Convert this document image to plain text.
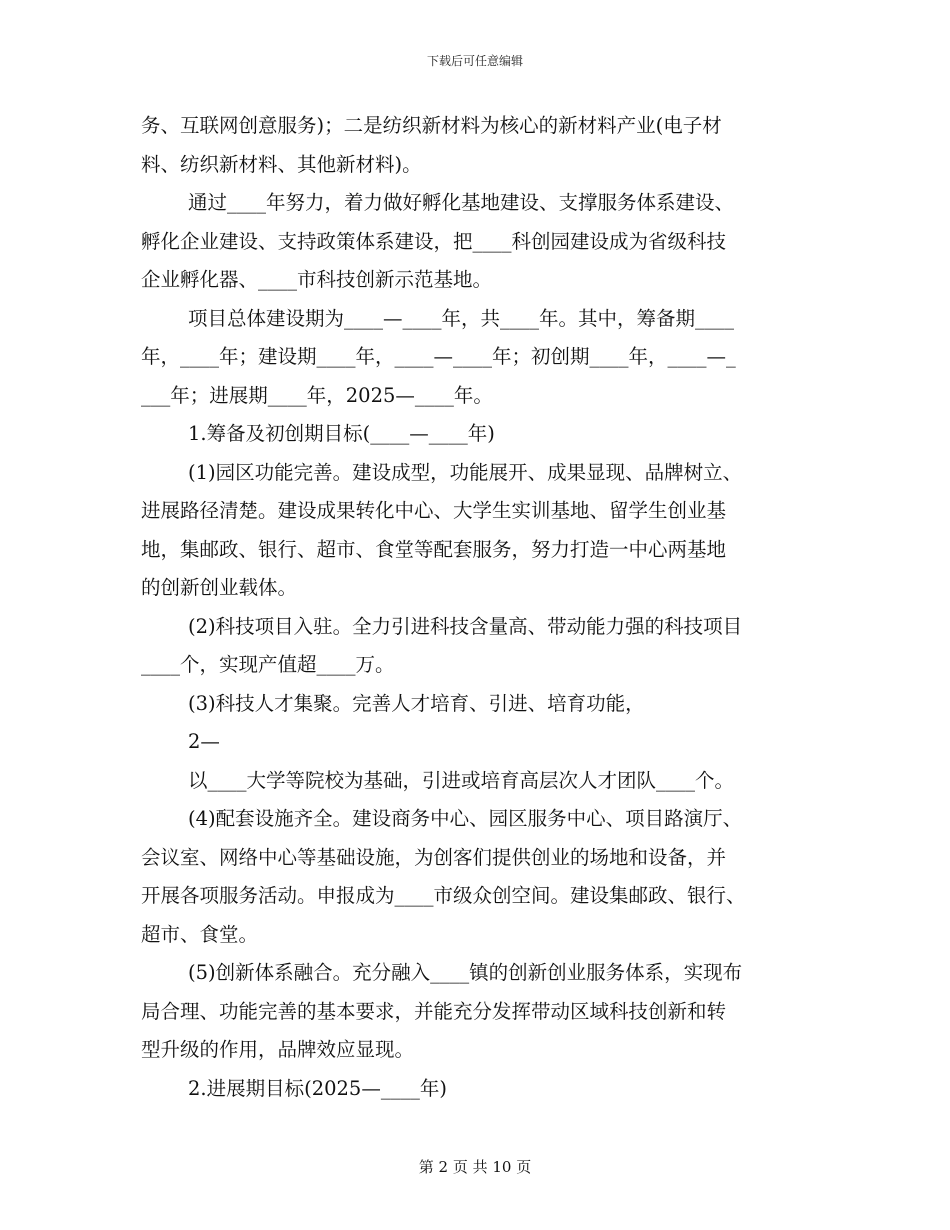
下载后可任意编辑

务、互联网创意服务)；二是纺织新材料为核心的新材料产业(电子材

料、纺织新材料、其他新材料)。

通过____年努力，着力做好孵化基地建设、支撑服务体系建设、

孵化企业建设、支持政策体系建设，把____科创园建设成为省级科技

企业孵化器、____市科技创新示范基地。

项目总体建设期为____—____年，共____年。其中，筹备期____

年，____年；建设期____年，____—____年；初创期____年，____—_

___年；进展期____年，2025—____年。

1.筹备及初创期目标(____—____年)

(1)园区功能完善。建设成型，功能展开、成果显现、品牌树立、

进展路径清楚。建设成果转化中心、大学生实训基地、留学生创业基

地，集邮政、银行、超市、食堂等配套服务，努力打造一中心两基地

的创新创业载体。

(2)科技项目入驻。全力引进科技含量高、带动能力强的科技项目

____个，实现产值超____万。

(3)科技人才集聚。完善人才培育、引进、培育功能，

2—

以____大学等院校为基础，引进或培育高层次人才团队____个。

(4)配套设施齐全。建设商务中心、园区服务中心、项目路演厅、

会议室、网络中心等基础设施，为创客们提供创业的场地和设备，并

开展各项服务活动。申报成为____市级众创空间。建设集邮政、银行、

超市、食堂。

(5)创新体系融合。充分融入____镇的创新创业服务体系，实现布

局合理、功能完善的基本要求，并能充分发挥带动区域科技创新和转

型升级的作用，品牌效应显现。

2.进展期目标(2025—____年)

第 2 页 共 10 页
